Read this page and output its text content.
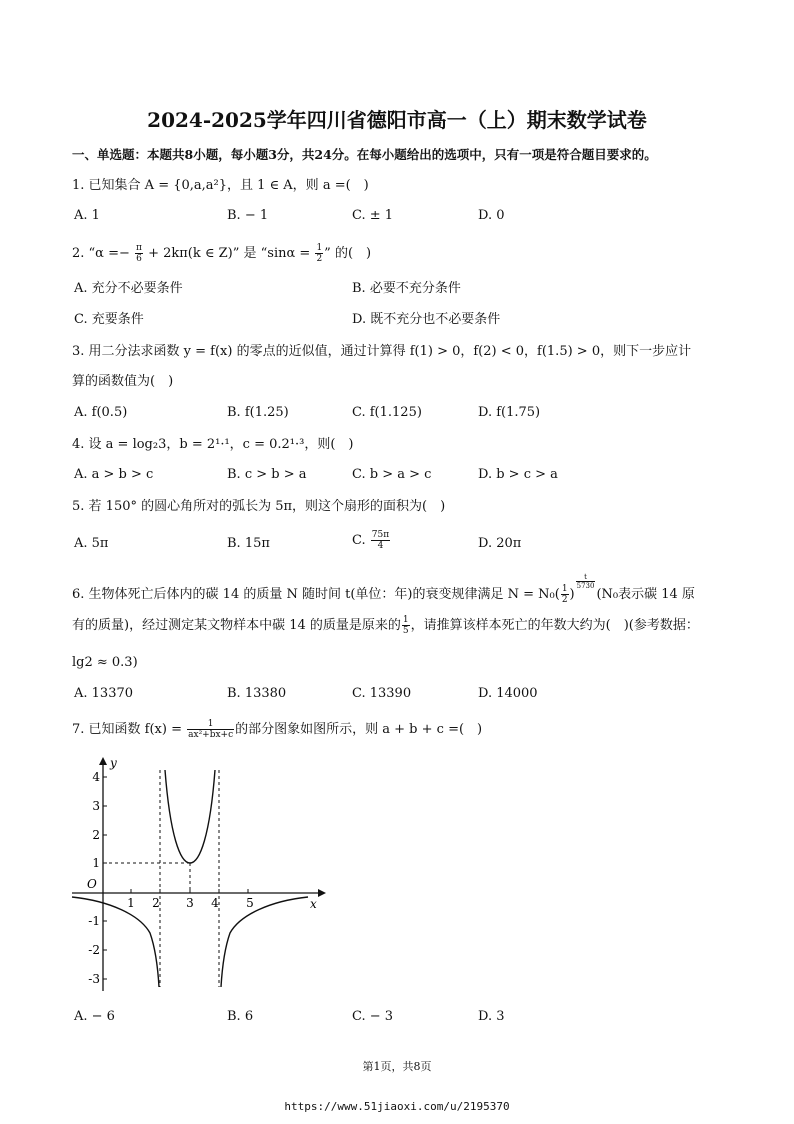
2024-2025学年四川省德阳市高一（上）期末数学试卷
一、单选题：本题共8小题，每小题3分，共24分。在每小题给出的选项中，只有一项是符合题目要求的。
1. 已知集合 A = {0,a,a²}，且 1 ∈ A，则 a =(　)
A. 1	B. − 1	C. ± 1	D. 0
2. “$\alpha =- \frac{\pi}{6} + 2k\pi(k$ ∈ Z)” 是 “$\sin\alpha = \frac{1}{2}$ ” 的(　)
A. 充分不必要条件	B. 必要不充分条件
C. 充要条件	D. 既不充分也不必要条件
3. 用二分法求函数 y = f(x) 的零点的近似值，通过计算得 f(1) > 0，f(2) < 0，f(1.5) > 0，则下一步应计
算的函数值为(　)
A. f(0.5)	B. f(1.25)	C. f(1.125)	D. f(1.75)
4. 设 a = log₂3，b = 2¹·¹，c = 0.2¹·³，则(　)
A. a > b > c	B. c > b > a	C. b > a > c	D. b > c > a
5. 若 150° 的圆心角所对的弧长为 5π，则这个扇形的面积为(　)
A. 5π	B. 15π	C. $\frac{75\pi}{4}$	D. 20π
6. 生物体死亡后体内的碳 14 的质量 N 随时间 t(单位：年)的衰变规律满足 $N = N_0( \frac{1}{2}$ )
$^{\frac{t}{5730}}$
(N₀表示碳 14 原
有的质量)，经过测定某文物样本中碳 14 的质量是原来的 $\frac{1}{5}$ ，请推算该样本死亡的年数大约为(　)(参考数据：
lg2 ≈ 0.3)
A. 13370	B. 13380	C. 13390	D. 14000
7. 已知函数 $f(x) = \frac{1}{\text{ax²+bx+c}}$ 的部分图象如图所示，则 a + b + c =(　)
y
x
O
4
3
2
1
-1
-2
-3
1 2 3 4 5
A. − 6	B. 6	C. − 3	D. 3
第1页，共8页
https://www.51jiaoxi.com/u/2195370
